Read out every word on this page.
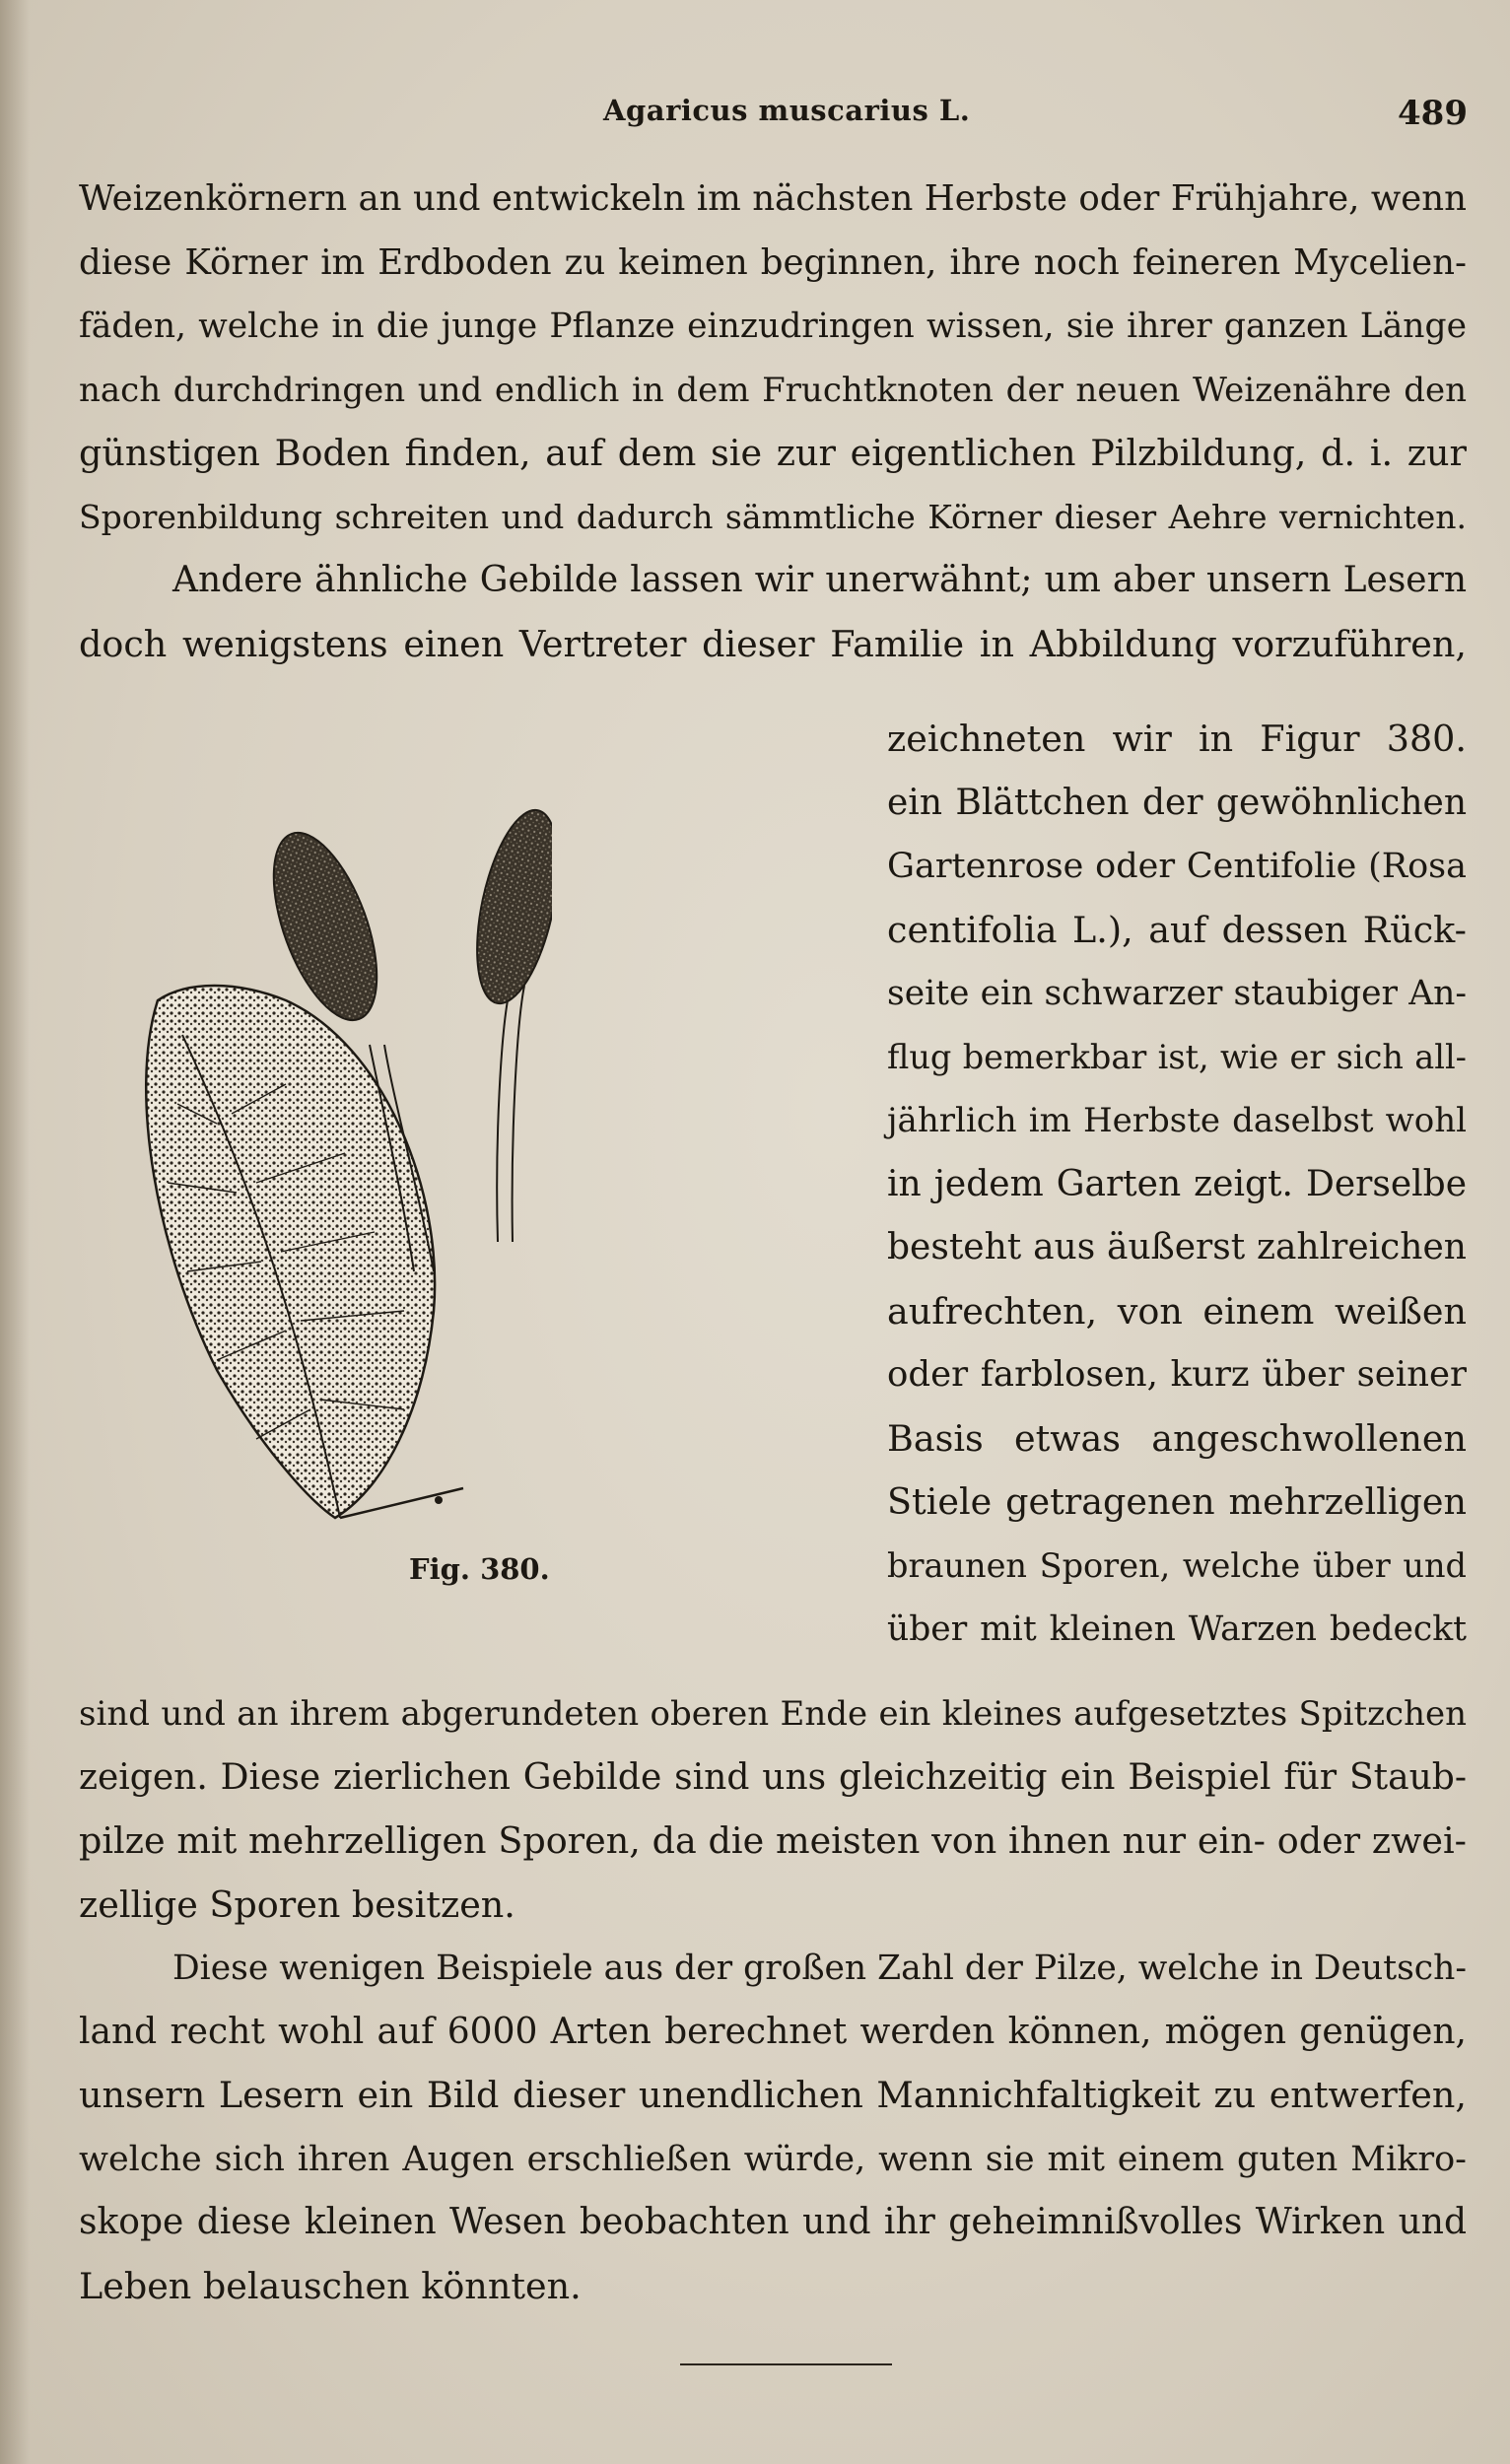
Agaricus muscarius L.	489
Weizenkörnern an und entwickeln im nächsten Herbste oder Frühjahre, wenn
diese Körner im Erdboden zu keimen beginnen, ihre noch feineren Mycelien-
fäden, welche in die junge Pflanze einzudringen wissen, sie ihrer ganzen Länge
nach durchdringen und endlich in dem Fruchtknoten der neuen Weizenähre den
günstigen Boden finden, auf dem sie zur eigentlichen Pilzbildung, d. i. zur
Sporenbildung schreiten und dadurch sämmtliche Körner dieser Aehre vernichten.
Andere ähnliche Gebilde lassen wir unerwähnt; um aber unsern Lesern
doch wenigstens einen Vertreter dieser Familie in Abbildung vorzuführen,
Fig. 380.
zeichneten wir in Figur 380.
ein Blättchen der gewöhnlichen
Gartenrose oder Centifolie (Rosa
centifolia L.), auf dessen Rück-
seite ein schwarzer staubiger An-
flug bemerkbar ist, wie er sich all-
jährlich im Herbste daselbst wohl
in jedem Garten zeigt. Derselbe
besteht aus äußerst zahlreichen
aufrechten, von einem weißen
oder farblosen, kurz über seiner
Basis etwas angeschwollenen
Stiele getragenen mehrzelligen
braunen Sporen, welche über und
über mit kleinen Warzen bedeckt
sind und an ihrem abgerundeten oberen Ende ein kleines aufgesetztes Spitzchen
zeigen. Diese zierlichen Gebilde sind uns gleichzeitig ein Beispiel für Staub-
pilze mit mehrzelligen Sporen, da die meisten von ihnen nur ein- oder zwei-
zellige Sporen besitzen.
Diese wenigen Beispiele aus der großen Zahl der Pilze, welche in Deutsch-
land recht wohl auf 6000 Arten berechnet werden können, mögen genügen,
unsern Lesern ein Bild dieser unendlichen Mannichfaltigkeit zu entwerfen,
welche sich ihren Augen erschließen würde, wenn sie mit einem guten Mikro-
skope diese kleinen Wesen beobachten und ihr geheimnißvolles Wirken und
Leben belauschen könnten.
